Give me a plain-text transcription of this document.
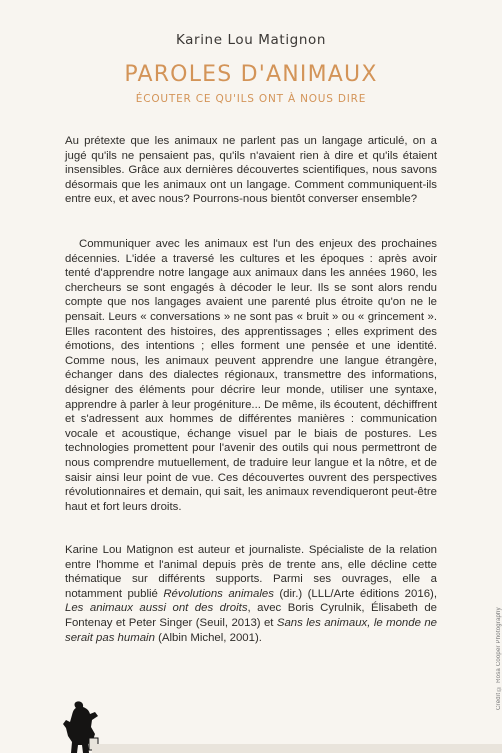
Karine Lou Matignon
PAROLES D'ANIMAUX
ÉCOUTER CE QU'ILS ONT À NOUS DIRE

Au prétexte que les animaux ne parlent pas un langage articulé, on a jugé qu'ils ne pensaient pas, qu'ils n'avaient rien à dire et qu'ils étaient insensibles. Grâce aux dernières découvertes scientifiques, nous savons désormais que les animaux ont un langage. Comment communiquent-ils entre eux, et avec nous? Pourrons-nous bientôt converser ensemble?

Communiquer avec les animaux est l'un des enjeux des prochaines décennies. L'idée a traversé les cultures et les époques : après avoir tenté d'apprendre notre langage aux animaux dans les années 1960, les chercheurs se sont engagés à décoder le leur. Ils se sont alors rendu compte que nos langages avaient une parenté plus étroite qu'on ne le pensait. Leurs « conversations » ne sont pas « bruit » ou « grincement ». Elles racontent des histoires, des apprentissages ; elles expriment des émotions, des intentions ; elles forment une pensée et une identité. Comme nous, les animaux peuvent apprendre une langue étrangère, échanger dans des dialectes régionaux, transmettre des informations, désigner des éléments pour décrire leur monde, utiliser une syntaxe, apprendre à parler à leur progéniture... De même, ils écoutent, déchiffrent et s'adressent aux hommes de différentes manières : communication vocale et acoustique, échange visuel par le biais de postures. Les technologies promettent pour l'avenir des outils qui nous permettront de nous comprendre mutuellement, de traduire leur langue et la nôtre, et de saisir ainsi leur point de vue. Ces découvertes ouvrent des perspectives révolutionnaires et demain, qui sait, les animaux revendiqueront peut-être haut et fort leurs droits.

Karine Lou Matignon est auteur et journaliste. Spécialiste de la relation entre l'homme et l'animal depuis près de trente ans, elle décline cette thématique sur différents supports. Parmi ses ouvrages, elle a notamment publié Révolutions animales (dir.) (LLL/Arte éditions 2016), Les animaux aussi ont des droits, avec Boris Cyrulnik, Élisabeth de Fontenay et Peter Singer (Seuil, 2013) et Sans les animaux, le monde ne serait pas humain (Albin Michel, 2001).	Crédit © Rosa Cooper Photography
